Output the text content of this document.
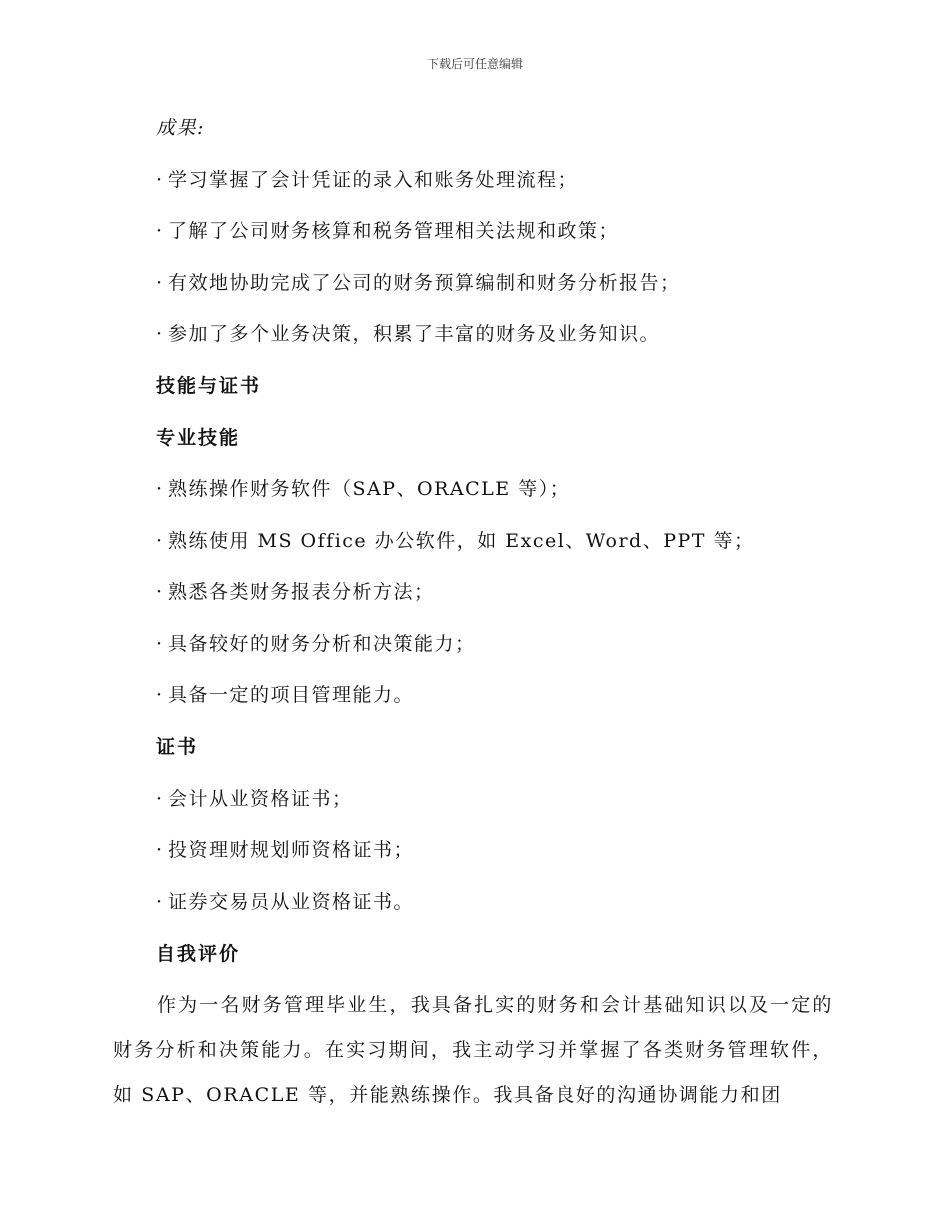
下载后可任意编辑
成果:
· 学习掌握了会计凭证的录入和账务处理流程；
· 了解了公司财务核算和税务管理相关法规和政策；
· 有效地协助完成了公司的财务预算编制和财务分析报告；
· 参加了多个业务决策，积累了丰富的财务及业务知识。
技能与证书
专业技能
· 熟练操作财务软件（SAP、ORACLE 等）；
· 熟练使用 MS Office 办公软件，如 Excel、Word、PPT 等；
· 熟悉各类财务报表分析方法；
· 具备较好的财务分析和决策能力；
· 具备一定的项目管理能力。
证书
· 会计从业资格证书；
· 投资理财规划师资格证书；
· 证券交易员从业资格证书。
自我评价
作为一名财务管理毕业生，我具备扎实的财务和会计基础知识以及一定的财务分析和决策能力。在实习期间，我主动学习并掌握了各类财务管理软件，如 SAP、ORACLE 等，并能熟练操作。我具备良好的沟通协调能力和团
